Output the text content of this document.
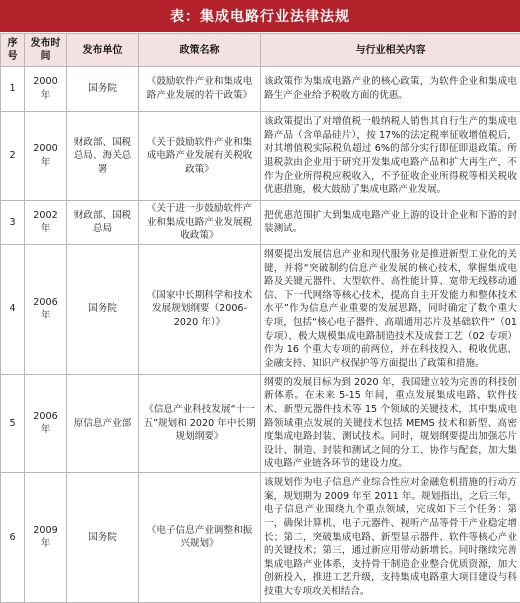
表：集成电路行业法律法规
序号	发布时间	发布单位	政策名称	与行业相关内容
1	2000 年	国务院	《鼓励软件产业和集成电路产业发展的若干政策》	该政策作为集成电路产业的核心政策，为软件企业和集成电路生产企业给予税收方面的优惠。
2	2000 年	财政部、国税总局、海关总署	《关于鼓励软件产业和集成电路产业发展有关税收政策》	该政策提出了对增值税一般纳税人销售其自行生产的集成电路产品（含单晶硅片），按 17%的法定税率征收增值税后，对其增值税实际税负超过 6%的部分实行即征即退政策。所退税款由企业用于研究开发集成电路产品和扩大再生产，不作为企业所得税应税收入，不予征收企业所得税等相关税收优惠措施，极大鼓励了集成电路产业发展。
3	2002 年	财政部、国税总局	《关于进一步鼓励软件产业和集成电路产业发展税收政策》	把优惠范围扩大到集成电路产业上游的设计企业和下游的封装测试。
4	2006 年	国务院	《国家中长期科学和技术发展规划纲要（2006-2020 年）》	纲要提出发展信息产业和现代服务业是推进新型工业化的关键，并将“突破制约信息产业发展的核心技术，掌握集成电路及关键元器件、大型软件、高性能计算、宽带无线移动通信、下一代网络等核心技术，提高自主开发能力和整体技术水平”作为信息产业重要的发展思路，同时确定了数个重大专项，包括“核心电子器件、高端通用芯片及基础软件”（01 专项）、极大规模集成电路制造技术及成套工艺（02 专项）作为 16 个重大专项的前两位，并在科技投入、税收优惠、金融支持、知识产权保护等方面提出了政策和措施。
5	2006 年	原信息产业部	《信息产业科技发展“十一五”规划和 2020 年中长期规划纲要》	纲要的发展目标为到 2020 年，我国建立较为完善的科技创新体系。在未来 5-15 年间，重点发展集成电路、软件技术、新型元器件技术等 15 个领域的关键技术，其中集成电路领域重点发展的关键技术包括 MEMS 技术和新型、高密度集成电路封装、测试技术。同时，规划纲要提出加强芯片设计、制造、封装和测试之间的分工、协作与配套，加大集成电路产业链各环节的建设力度。
6	2009 年	国务院	《电子信息产业调整和振兴规划》	该规划作为电子信息产业综合性应对金融危机措施的行动方案，规划期为 2009 年至 2011 年。规划指出，之后三年，电子信息产业围绕九个重点领域，完成如下三个任务：第一，确保计算机、电子元器件、视听产品等骨干产业稳定增长；第二，突破集成电路、新型显示器件、软件等核心产业的关键技术；第三，通过新应用带动新增长。同时继续完善集成电路产业体系，支持骨干制造企业整合优质资源，加大创新投入，推进工艺升级，支持集成电路重大项目建设与科技重大专项攻关相结合。
